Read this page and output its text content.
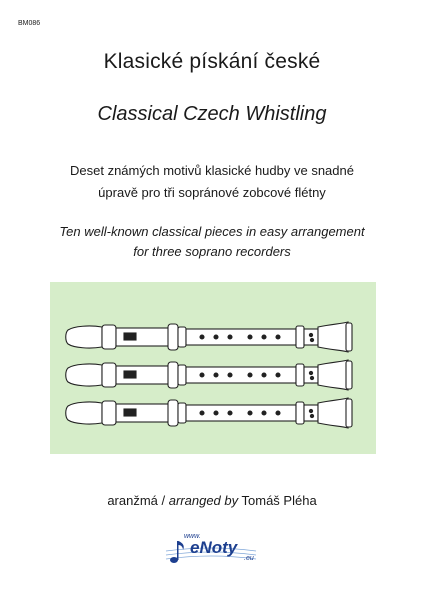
BM086
Klasické pískání české
Classical Czech Whistling
Deset známých motivů klasické hudby ve snadné
úpravě pro tři sopránové zobcové flétny
Ten well-known classical pieces in easy arrangement
for three soprano recorders
aranžmá / arranged by Tomáš Pléha
www.
eNoty
.eu
